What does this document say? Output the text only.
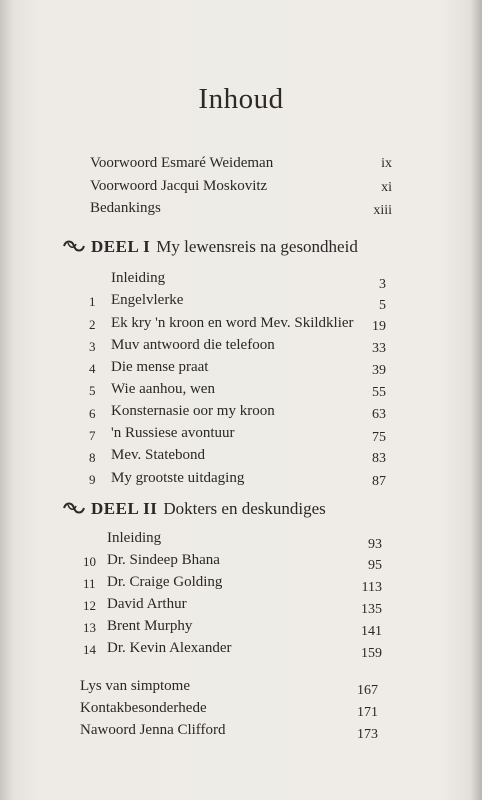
Inhoud
Voorwoord Esmaré Weideman	ix
Voorwoord Jacqui Moskovitz	xi
Bedankings	xiii
DEEL I My lewensreis na gesondheid
Inleiding	3
1 Engelvlerke	5
2 Ek kry 'n kroon en word Mev. Skildklier	19
3 Muv antwoord die telefoon	33
4 Die mense praat	39
5 Wie aanhou, wen	55
6 Konsternasie oor my kroon	63
7 'n Russiese avontuur	75
8 Mev. Statebond	83
9 My grootste uitdaging	87
DEEL II Dokters en deskundiges
Inleiding	93
10 Dr. Sindeep Bhana	95
11 Dr. Craige Golding	113
12 David Arthur	135
13 Brent Murphy	141
14 Dr. Kevin Alexander	159
Lys van simptome	167
Kontakbesonderhede	171
Nawoord Jenna Clifford	173
